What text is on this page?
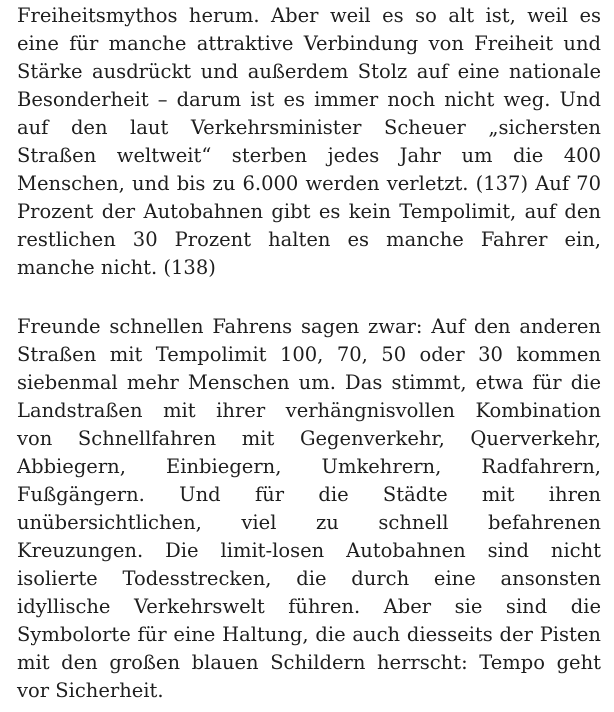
Freiheitsmythos herum. Aber weil es so alt ist, weil es
eine für manche attraktive Verbindung von Freiheit und
Stärke ausdrückt und außerdem Stolz auf eine nationale
Besonderheit – darum ist es immer noch nicht weg. Und
auf den laut Verkehrsminister Scheuer „sichersten
Straßen weltweit“ sterben jedes Jahr um die 400
Menschen, und bis zu 6.000 werden verletzt. (137) Auf 70
Prozent der Autobahnen gibt es kein Tempolimit, auf den
restlichen 30 Prozent halten es manche Fahrer ein,
manche nicht. (138)
Freunde schnellen Fahrens sagen zwar: Auf den anderen
Straßen mit Tempolimit 100, 70, 50 oder 30 kommen
siebenmal mehr Menschen um. Das stimmt, etwa für die
Landstraßen mit ihrer verhängnisvollen Kombination
von Schnellfahren mit Gegenverkehr, Querverkehr,
Abbiegern, Einbiegern, Umkehrern, Radfahrern,
Fußgängern. Und für die Städte mit ihren
unübersichtlichen, viel zu schnell befahrenen
Kreuzungen. Die limit-losen Autobahnen sind nicht
isolierte Todesstrecken, die durch eine ansonsten
idyllische Verkehrswelt führen. Aber sie sind die
Symbolorte für eine Haltung, die auch diesseits der Pisten
mit den großen blauen Schildern herrscht: Tempo geht
vor Sicherheit.
